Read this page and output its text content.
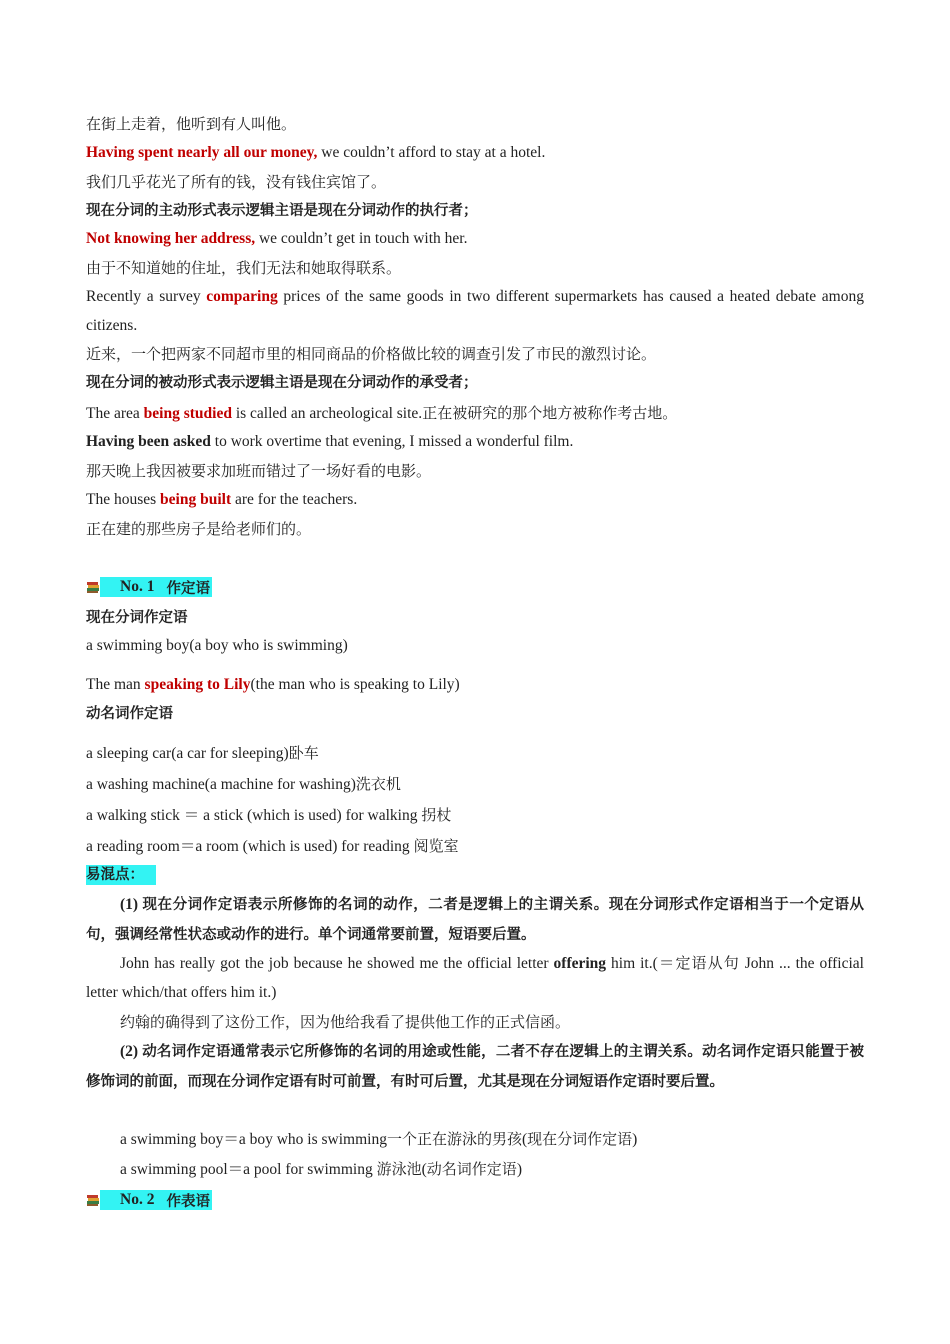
在街上走着，他听到有人叫他。
Having spent nearly all our money, we couldn’t afford to stay at a hotel.
我们几乎花光了所有的钱，没有钱住宾馆了。
现在分词的主动形式表示逻辑主语是现在分词动作的执行者；
Not knowing her address, we couldn’t get in touch with her.
由于不知道她的住址，我们无法和她取得联系。
Recently a survey comparing prices of the same goods in two different supermarkets has caused a heated debate among citizens.
近来，一个把两家不同超市里的相同商品的价格做比较的调查引发了市民的激烈讨论。
现在分词的被动形式表示逻辑主语是现在分词动作的承受者；
The area being studied is called an archeological site.正在被研究的那个地方被称作考古地。
Having been asked to work overtime that evening, I missed a wonderful film.
那天晚上我因被要求加班而错过了一场好看的电影。
The houses being built are for the teachers.
正在建的那些房子是给老师们的。
No. 1 作定语
现在分词作定语
a swimming boy(a boy who is swimming)
The man speaking to Lily(the man who is speaking to Lily)
动名词作定语
a sleeping car(a car for sleeping)卧车
a washing machine(a machine for washing)洗衣机
a walking stick ＝ a stick (which is used) for walking 拐杖
a reading room＝a room (which is used) for reading 阅览室
易混点：
(1) 现在分词作定语表示所修饰的名词的动作，二者是逻辑上的主谓关系。现在分词形式作定语相当于一个定语从句，强调经常性状态或动作的进行。单个词通常要前置，短语要后置。
John has really got the job because he showed me the official letter offering him it.(＝定语从句 John ... the official letter which/that offers him it.)
约翰的确得到了这份工作，因为他给我看了提供他工作的正式信函。
(2) 动名词作定语通常表示它所修饰的名词的用途或性能，二者不存在逻辑上的主谓关系。动名词作定语只能置于被修饰词的前面，而现在分词作定语有时可前置，有时可后置，尤其是现在分词短语作定语时要后置。
a swimming boy＝a boy who is swimming一个正在游泳的男孩(现在分词作定语)
a swimming pool＝a pool for swimming 游泳池(动名词作定语)
No. 2 作表语
